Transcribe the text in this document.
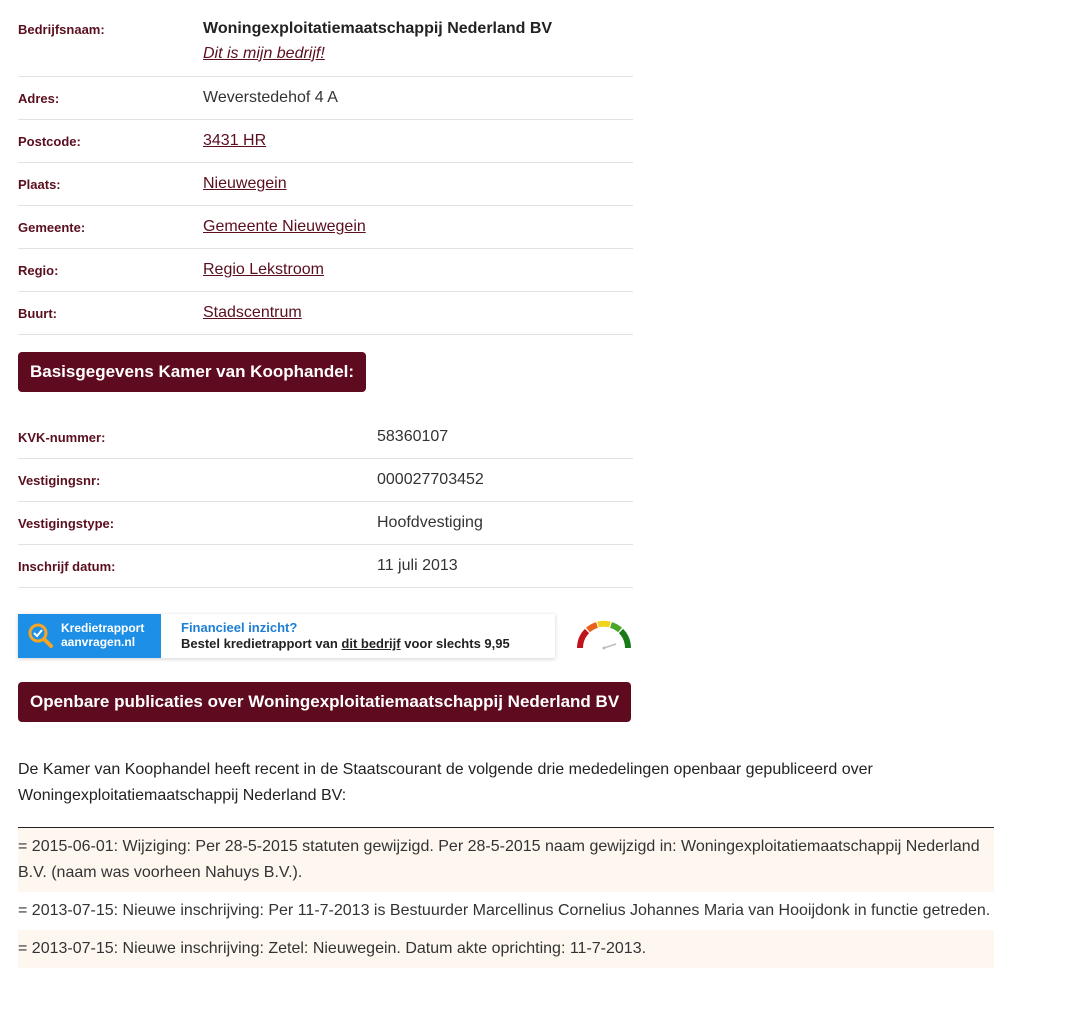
Bedrijfsnaam:	Woningexploitatiemaatschappij Nederland BV
Dit is mijn bedrijf!
Adres:	Weverstedehof 4 A
Postcode:	3431 HR
Plaats:	Nieuwegein
Gemeente:	Gemeente Nieuwegein
Regio:	Regio Lekstroom
Buurt:	Stadscentrum
Basisgegevens Kamer van Koophandel:
KVK-nummer:	58360107
Vestigingsnr:	000027703452
Vestigingstype:	Hoofdvestiging
Inschrijf datum:	11 juli 2013
Kredietrapport
aanvragen.nl
Financieel inzicht?
Bestel kredietrapport van dit bedrijf voor slechts 9,95
Openbare publicaties over Woningexploitatiemaatschappij Nederland BV
De Kamer van Koophandel heeft recent in de Staatscourant de volgende drie mededelingen openbaar gepubliceerd over Woningexploitatiemaatschappij Nederland BV:
= 2015-06-01: Wijziging: Per 28-5-2015 statuten gewijzigd. Per 28-5-2015 naam gewijzigd in: Woningexploitatiemaatschappij Nederland B.V. (naam was voorheen Nahuys B.V.).
= 2013-07-15: Nieuwe inschrijving: Per 11-7-2013 is Bestuurder Marcellinus Cornelius Johannes Maria van Hooijdonk in functie getreden.
= 2013-07-15: Nieuwe inschrijving: Zetel: Nieuwegein. Datum akte oprichting: 11-7-2013.
